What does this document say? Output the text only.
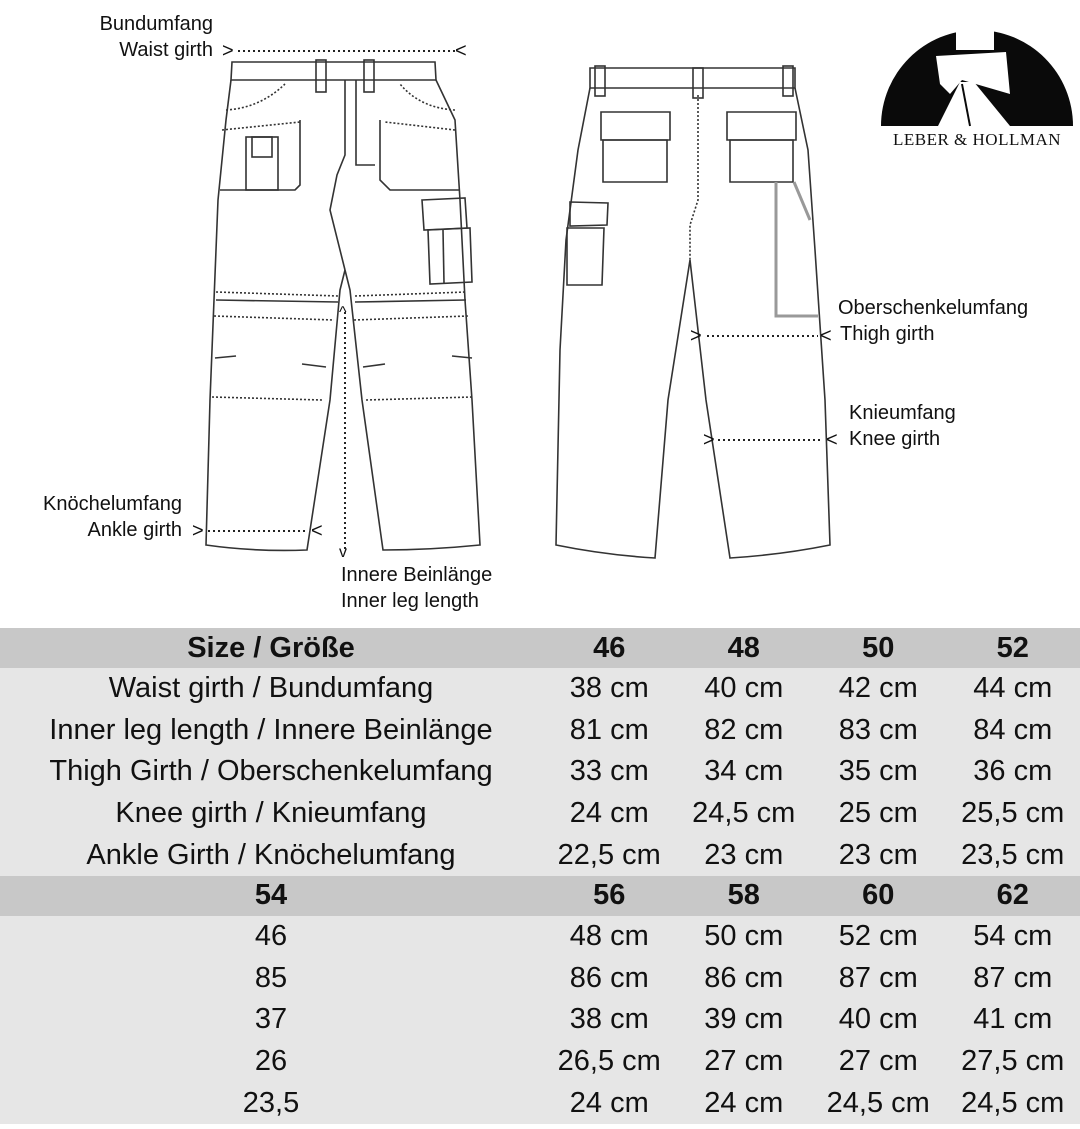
>	<
>	<
^
v
>	<
>	<
Bundumfang
Waist girth
Oberschenkelumfang
Thigh girth
Knieumfang
Knee girth
Knöchelumfang
Ankle girth
Innere Beinlänge
Inner leg length
LEBER & HOLLMAN
Size / Größe	46	48	50	52
Waist girth / Bundumfang	38 cm	40 cm	42 cm	44 cm
Inner leg length / Innere Beinlänge	81 cm	82 cm	83 cm	84 cm
Thigh Girth / Oberschenkelumfang	33 cm	34 cm	35 cm	36 cm
Knee girth / Knieumfang	24 cm	24,5 cm	25 cm	25,5 cm
Ankle Girth / Knöchelumfang	22,5 cm	23 cm	23 cm	23,5 cm
54	56	58	60	62
46	48 cm	50 cm	52 cm	54 cm
85	86 cm	86 cm	87 cm	87 cm
37	38 cm	39 cm	40 cm	41 cm
26	26,5 cm	27 cm	27 cm	27,5 cm
23,5	24 cm	24 cm	24,5 cm	24,5 cm
